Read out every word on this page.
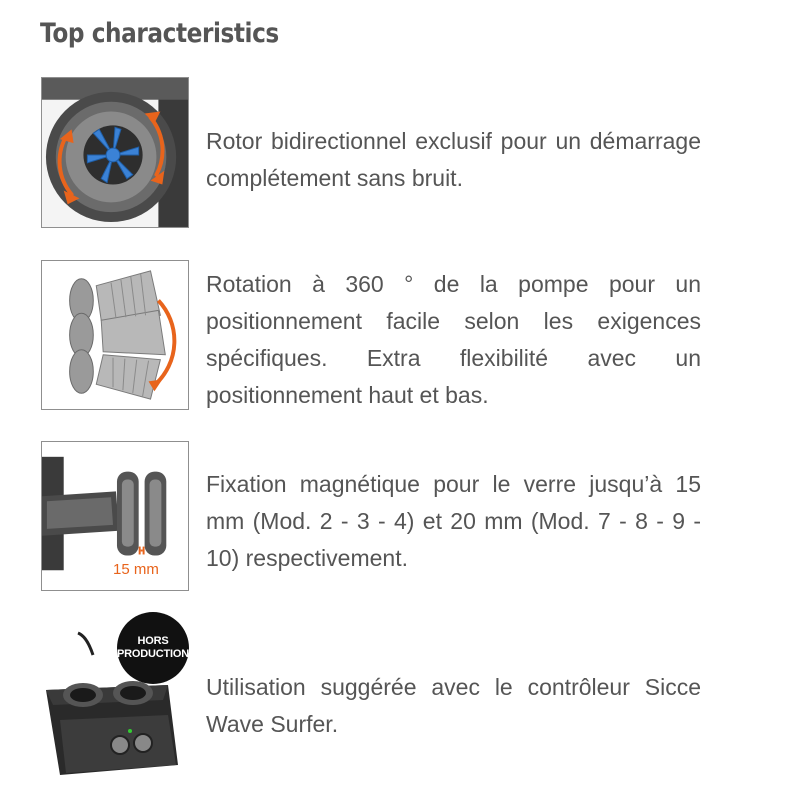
Top characteristics

Rotor bidirectionnel exclusif pour un démarrage complétement sans bruit.

Rotation à 360 ° de la pompe pour un positionnement facile selon les exigences spécifiques. Extra flexibilité avec un positionnement haut et bas.

15 mm

Fixation magnétique pour le verre jusqu’à 15 mm (Mod. 2 - 3 - 4) et 20 mm (Mod. 7 - 8 - 9 - 10) respectivement.

HORS
PRODUCTION

Utilisation suggérée avec le contrôleur Sicce Wave Surfer.
